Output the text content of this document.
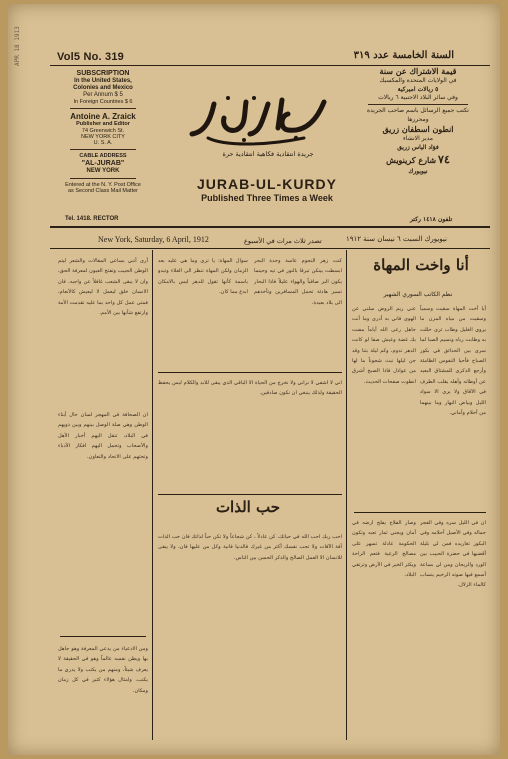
APR 18 1913	Vol5 No. 319	السنة الخامسة عدد ٣١٩
SUBSCRIPTION
In the United States,
Colonies and Mexico
Per Annum $ 5
In Foreign Countries $ 6
Antoine A. Zraick
Publisher and Editor
74 Greenwich St.
NEW YORK CITY
U. S. A.
CABLE ADDRESS
"AL-JURAB"
NEW YORK
Entered at the N. Y. Post Office
as Second Class Mail Matter
جريدة انتقادية فكاهية انتقادية حرة
JURAB-UL-KURDY
Published Three Times a Week
قيمة الاشتراك عن سنة
في الولايات المتحدة والمكسيك
٥ ريالات اميركية
وفي سائر البلاد الاجنبية ٦ ريالات
تكتب جميع الرسائل باسم صاحب الجريدة ومحررها
انطون اسطفان زريق
مدير الانشاء
فؤاد الياس زريق
٧٤ شارع كرينويش
نيويورك
Tel. 1418. RECTOR	تلفون ١٤١٨ ركتر
New York, Saturday, 6 April, 1912	تصدر ثلاث مرات في الأسبوع	نيويورك السبت ٦ نيسان سنة ١٩١٢
أنا واخت المهاة
نظم الكاتب السوري الشهير
أيا أخت المهاة سقيت وسمياً وسقيت من مياه المزن ما يروي الغليل وطاب ثرى حللت به وطابت رباه ونسيم الصبا لما سرى بين الحدائق في بكور الصباح فأحيا النفوس الظامئة وأرجع الذكرى للمشتاق البعيد عن أوطانه وأهله يقلب الطرف في الآفاق ولا يرى الا سواد الليل وبياض النهار وما بينهما من أحلام وأماني.
عني ريم الروض سلني عن الهوى فاني به أدرى وما أنت جاهل رعى الله أياماً مضت بك غضة وعيش صفا لو كانت الدهر تدوم، وكم ليلة بتنا وقد جن ليلها نبث شجوناً ما لها من عواذل فاذا الصبح أشرق انطوت صفحات الحديث.
ان في الليل سره وفي الفجر جماله وفي الأصيل أحلامه وفي البكور تغاريده فمن لي بليلة أقضيها في حضرة الحبيب بين الورد والريحان ومن لي بساعة أسمع فيها صوته الرخيم ينساب كالماء الزلال.
وصار الفلاح يفلح ارضه في أمان ويجني ثمار تعبه وتكون الحكومة عادلة تسهر على مصالح الرعية فتعم الراحة ويكثر الخير في الأرض وترتقي البلاد.
كنت زهر النجوم عاسة وحدة البحر ابسطت بينكن تبرقا بالنور في تيه وحينما يكون البر صافياً والهواء عليلاً فاذا البحار تسير هادئة تحمل المسافرين وتأخذهم الى بلاد بعيدة.
سوال المهاة: يا ترى وما هي عليه بعد الزمان ولكن المهاة تنظر الى العلاء وتبدو باسمة كأنها تقول للدهر ليس بالامكان ابدع مما كان.
اني لا اشفي لا نراني ولا نخرج من الحياة الا الباقي الذي يبقى للابد والكلام ليس يحفظ الحقيقة ولذلك ينبغي ان نكون صادقين.
حب الذات
احب ربك احب الله في حياتك، كن عادلاً ، كن شجاعاً ولا تكن حباً لذاتك فان حب الذات آفة الآفات ولا تحب نفسك أكثر من غيرك فالدنيا فانية وكل من عليها فان، ولا يبقى للانسان الا العمل الصالح والذكر الحسن بين الناس.
أرى أنني بساعي المقالات والشعر ليتم الوطن الحبيب وتفتح العيون لمعرفة الحق، وان لا يبقى الشعب غافلاً عن واجبه. فان الانسان خلق ليعمل لا ليعيش كالأنعام، فمتى عمل كل واحد بما عليه تقدمت الأمة وارتفع شأنها بين الأمم.
ان الصحافة في المهجر لسان حال أبناء الوطن وهي صلة الوصل بينهم وبين ذويهم في البلاد، تنقل اليهم أخبار الأهل والأصحاب وتحمل اليهم افكار الأدباء وتحثهم على الاتحاد والتعاون.
ومن الادعياء من يدعي المعرفة وهو جاهل بها ويظن نفسه عالماً وهو في الحقيقة لا يعرف شيئاً، ومنهم من يكتب ولا يدري ما يكتب. وامثال هؤلاء كثير في كل زمان ومكان.
